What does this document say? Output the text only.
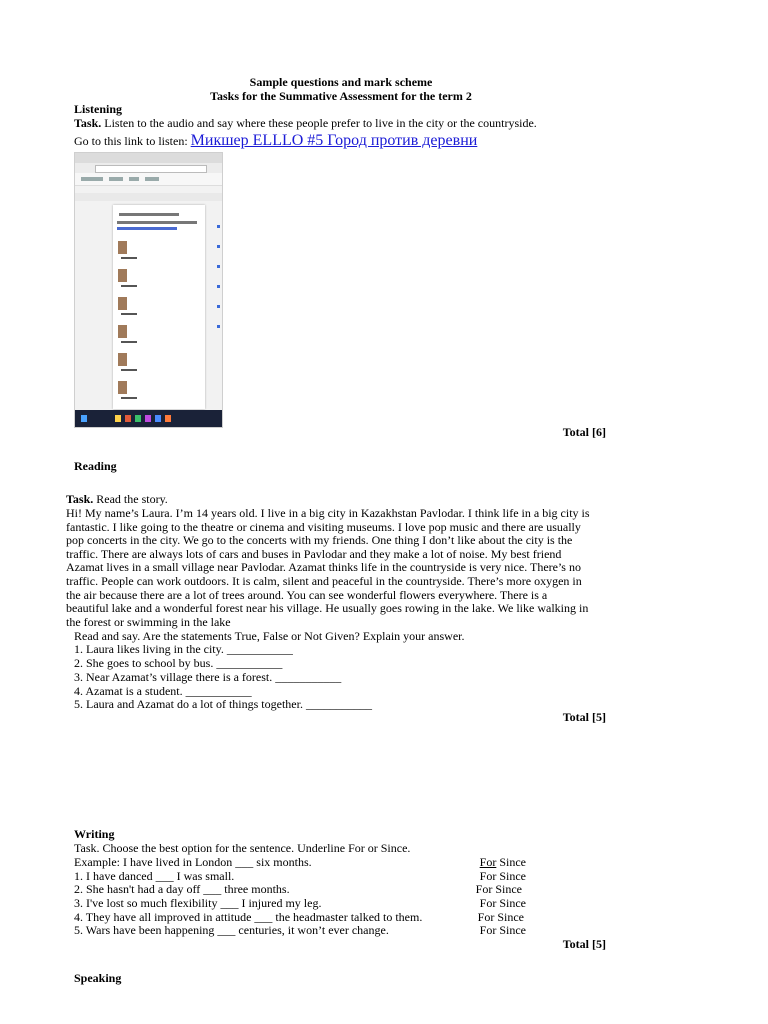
Sample questions and mark scheme
Tasks for the Summative Assessment for the term 2
Listening
Task. Listen to the audio and say where these people prefer to live in the city or the countryside.
Go to this link to listen: Микшер ELLLO #5 Город против деревни
Total [6]
Reading
Task. Read the story.
Hi! My name’s Laura. I’m 14 years old. I live in a big city in Kazakhstan Pavlodar. I think life in a big city is
fantastic. I like going to the theatre or cinema and visiting museums. I love pop music and there are usually
pop concerts in the city. We go to the concerts with my friends. One thing I don’t like about the city is the
traffic. There are always lots of cars and buses in Pavlodar and they make a lot of noise. My best friend
Azamat lives in a small village near Pavlodar. Azamat thinks life in the countryside is very nice. There’s no
traffic. People can work outdoors. It is calm, silent and peaceful in the countryside. There’s more oxygen in
the air because there are a lot of trees around. You can see wonderful flowers everywhere. There is a
beautiful lake and a wonderful forest near his village. He usually goes rowing in the lake. We like walking in
the forest or swimming in the lake
Read and say. Are the statements True, False or Not Given? Explain your answer.
1. Laura likes living in the city. ___________
2. She goes to school by bus. ___________
3. Near Azamat’s village there is a forest. ___________
4. Azamat is a student. ___________
5. Laura and Azamat do a lot of things together. ___________
Total [5]
Writing
Task. Choose the best option for the sentence. Underline For or Since.
Example: I have lived in London ___ six months.	For Since
1. I have danced ___ I was small.	For Since
2. She hasn't had a day off ___ three months.	For Since
3. I've lost so much flexibility ___ I injured my leg.	For Since
4. They have all improved in attitude ___ the headmaster talked to them.	For Since
5. Wars have been happening ___ centuries, it won’t ever change.	For Since
Total [5]
Speaking
